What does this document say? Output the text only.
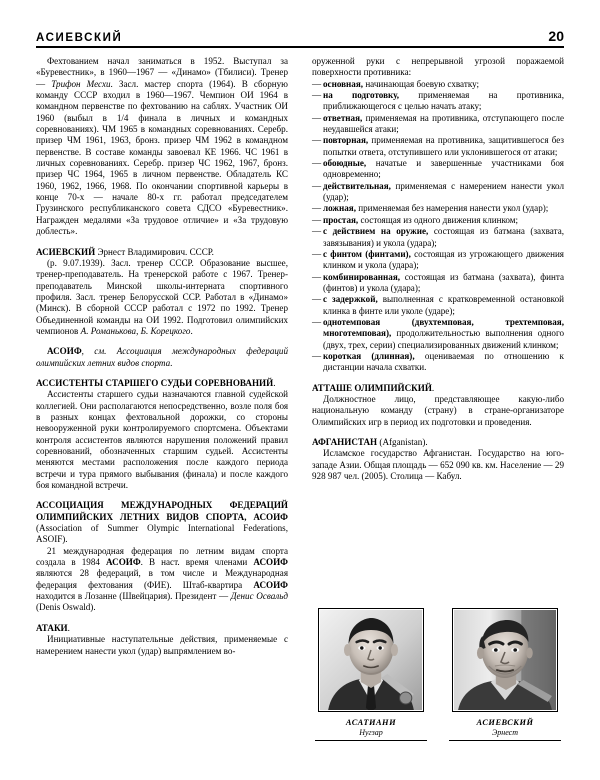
АСИЕВСКИЙ	20

Фехтованием начал заниматься в 1952. Выступал за «Буревестник», в 1960—1967 — «Динамо» (Тбилиси). Тренер — Трифон Месхи. Засл. мастер спорта (1964). В сборную команду СССР входил в 1960—1967. Чемпион ОИ 1964 в командном первенстве по фехтованию на саблях. Участник ОИ 1960 (выбыл в 1/4 финала в личных и командных соревнованиях). ЧМ 1965 в командных соревнованиях. Серебр. призер ЧМ 1961, 1963, бронз. призер ЧМ 1962 в командном первенстве. В составе команды завоевал КЕ 1966. ЧС 1961 в личных соревнованиях. Серебр. призер ЧС 1962, 1967, бронз. призер ЧС 1964, 1965 в личном первенстве. Обладатель КС 1960, 1962, 1966, 1968. По окончании спортивной карьеры в конце 70-х — начале 80-х гг. работал председателем Грузинского республиканского совета СДСО «Буревестник». Награжден медалями «За трудовое отличие» и «За трудовую доблесть».

АСИЕВСКИЙ Эрнест Владимирович. СССР.

(р. 9.07.1939). Засл. тренер СССР. Образование высшее, тренер-преподаватель. На тренерской работе с 1967. Тренер-преподаватель Минской школы-интерната спортивного профиля. Засл. тренер Белорусской ССР. Работал в «Динамо» (Минск). В сборной СССР работал с 1972 по 1992. Тренер Объединенной команды на ОИ 1992. Подготовил олимпийских чемпионов А. Романькова, Б. Корецкого.

АСОИФ, см. Ассоциация международных федераций олимпийских летних видов спорта.

АССИСТЕНТЫ СТАРШЕГО СУДЬИ СОРЕВНОВАНИЙ.

Ассистенты старшего судьи назначаются главной судейской коллегией. Они располагаются непосредственно, возле поля боя в разных концах фехтовальной дорожки, со стороны невооруженной руки контролируемого спортсмена. Объектами контроля ассистентов являются нарушения положений правил соревнований, обозначенных старшим судьей. Ассистенты меняются местами расположения после каждого периода встречи и тура прямого выбывания (финала) и после каждого боя командной встречи.

АССОЦИАЦИЯ МЕЖДУНАРОДНЫХ ФЕДЕРАЦИЙ ОЛИМПИЙСКИХ ЛЕТНИХ ВИДОВ СПОРТА, АСОИФ (Association of Summer Olympic International Federations, ASOIF).

21 международная федерация по летним видам спорта создала в 1984 АСОИФ. В наст. время членами АСОИФ являются 28 федераций, в том числе и Международная федерация фехтования (ФИЕ). Штаб-квартира АСОИФ находится в Лозанне (Швейцария). Президент — Денис Освальд (Denis Oswald).

АТАКИ.

Инициативные наступательные действия, применяемые с намерением нанести укол (удар) выпрямлением во-

оруженной руки с непрерывной угрозой поражаемой поверхности противника:

— основная, начинающая боевую схватку;
— на подготовку, применяемая на противника, приближающегося с целью начать атаку;
— ответная, применяемая на противника, отступающего после неудавшейся атаки;
— повторная, применяемая на противника, защитившегося без попытки ответа, отступившего или уклонившегося от атаки;
— обоюдные, начатые и завершенные участниками боя одновременно;
— действительная, применяемая с намерением нанести укол (удар);
— ложная, применяемая без намерения нанести укол (удар);
— простая, состоящая из одного движения клинком;
— с действием на оружие, состоящая из батмана (захвата, завязывания) и укола (удара);
— с финтом (финтами), состоящая из угрожающего движения клинком и укола (удара);
— комбинированная, состоящая из батмана (захвата), финта (финтов) и укола (удара);
— с задержкой, выполненная с кратковременной остановкой клинка в финте или уколе (ударе);
— однотемповая (двухтемповая, трехтемповая, многотемповая), продолжительностью выполнения одного (двух, трех, серии) специализированных движений клинком;
— короткая (длинная), оцениваемая по отношению к дистанции начала схватки.

АТТАШЕ ОЛИМПИЙСКИЙ.

Должностное лицо, представляющее какую-либо национальную команду (страну) в стране-организаторе Олимпийских игр в период их подготовки и проведения.

АФГАНИСТАН (Afganistan).

Исламское государство Афганистан. Государство на юго-западе Азии. Общая площадь — 652 090 кв. км. Население — 29 928 987 чел. (2005). Столица — Кабул.

АСАТИАНИ
Нугзар
АСИЕВСКИЙ
Эрнест
